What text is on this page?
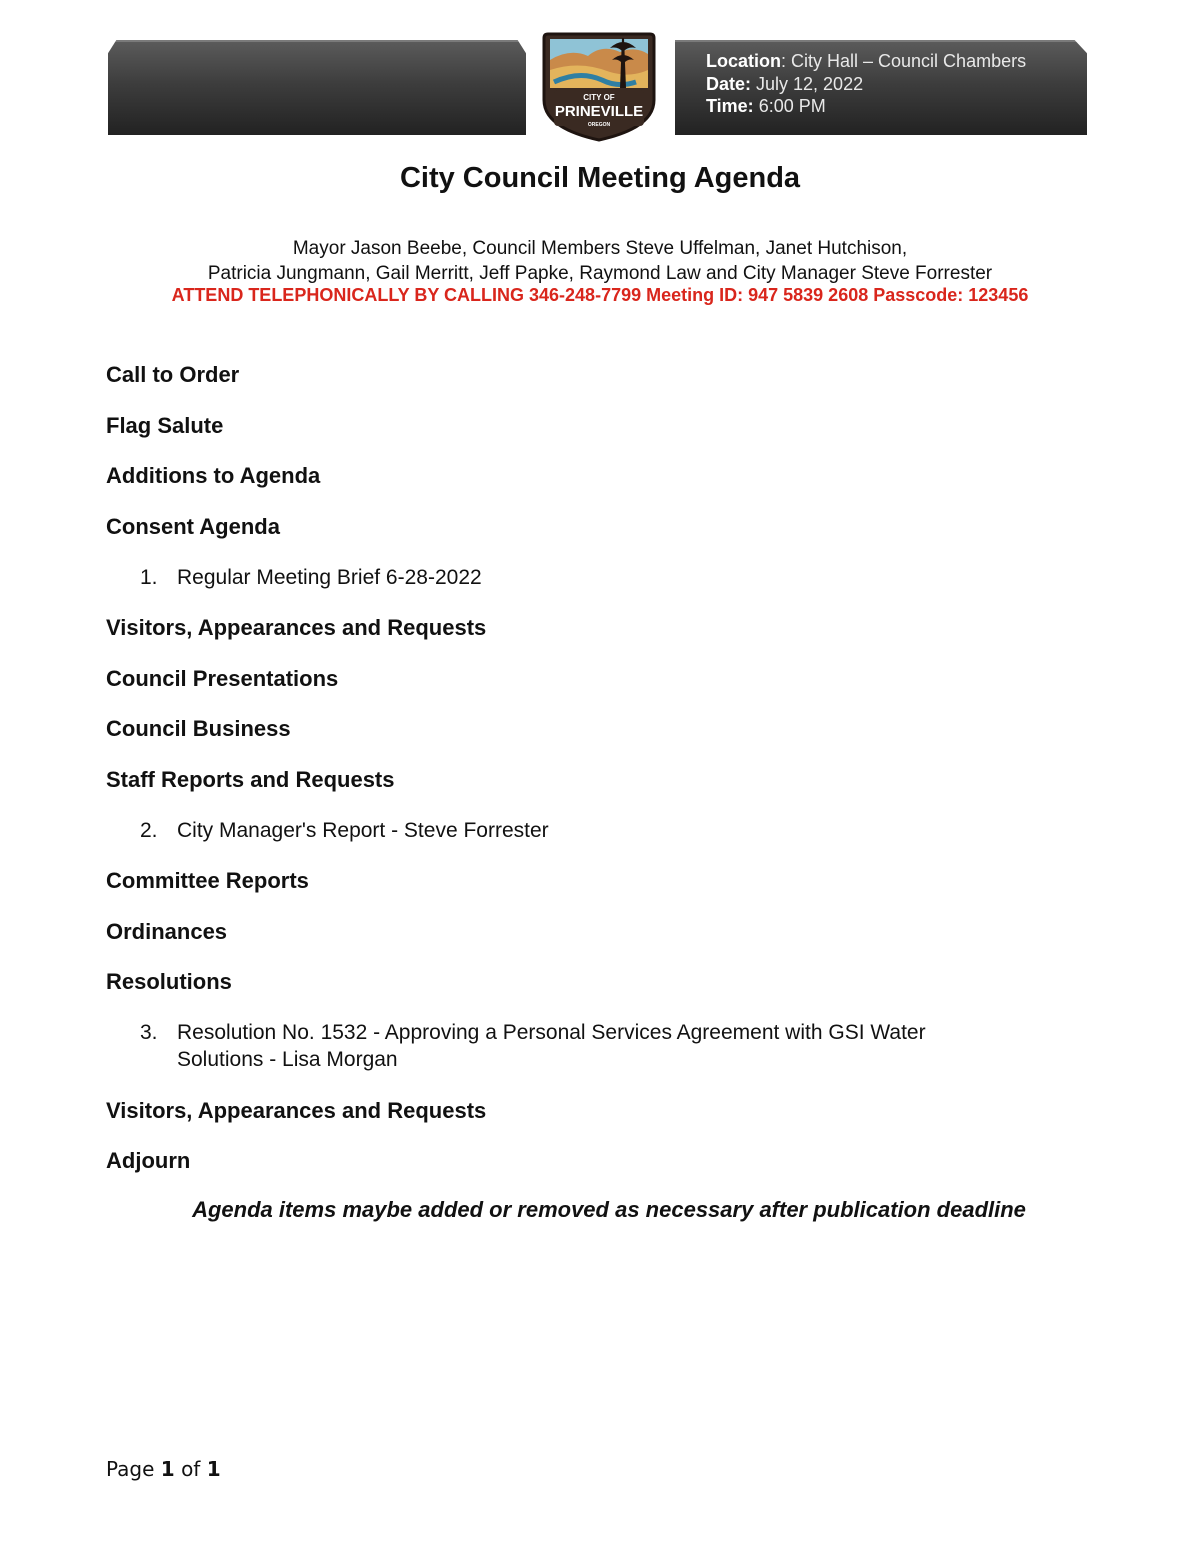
Location: City Hall – Council Chambers
Date: July 12, 2022
Time: 6:00 PM
CITY OF
PRINEVILLE
OREGON
City Council Meeting Agenda
Mayor Jason Beebe, Council Members Steve Uffelman, Janet Hutchison,
Patricia Jungmann, Gail Merritt, Jeff Papke, Raymond Law and City Manager Steve Forrester
ATTEND TELEPHONICALLY BY CALLING 346-248-7799 Meeting ID: 947 5839 2608 Passcode: 123456
Call to Order
Flag Salute
Additions to Agenda
Consent Agenda
1. Regular Meeting Brief 6-28-2022
Visitors, Appearances and Requests
Council Presentations
Council Business
Staff Reports and Requests
2. City Manager's Report - Steve Forrester
Committee Reports
Ordinances
Resolutions
3. Resolution No. 1532 - Approving a Personal Services Agreement with GSI Water
Solutions - Lisa Morgan
Visitors, Appearances and Requests
Adjourn
Agenda items maybe added or removed as necessary after publication deadline
Page 1 of 1
